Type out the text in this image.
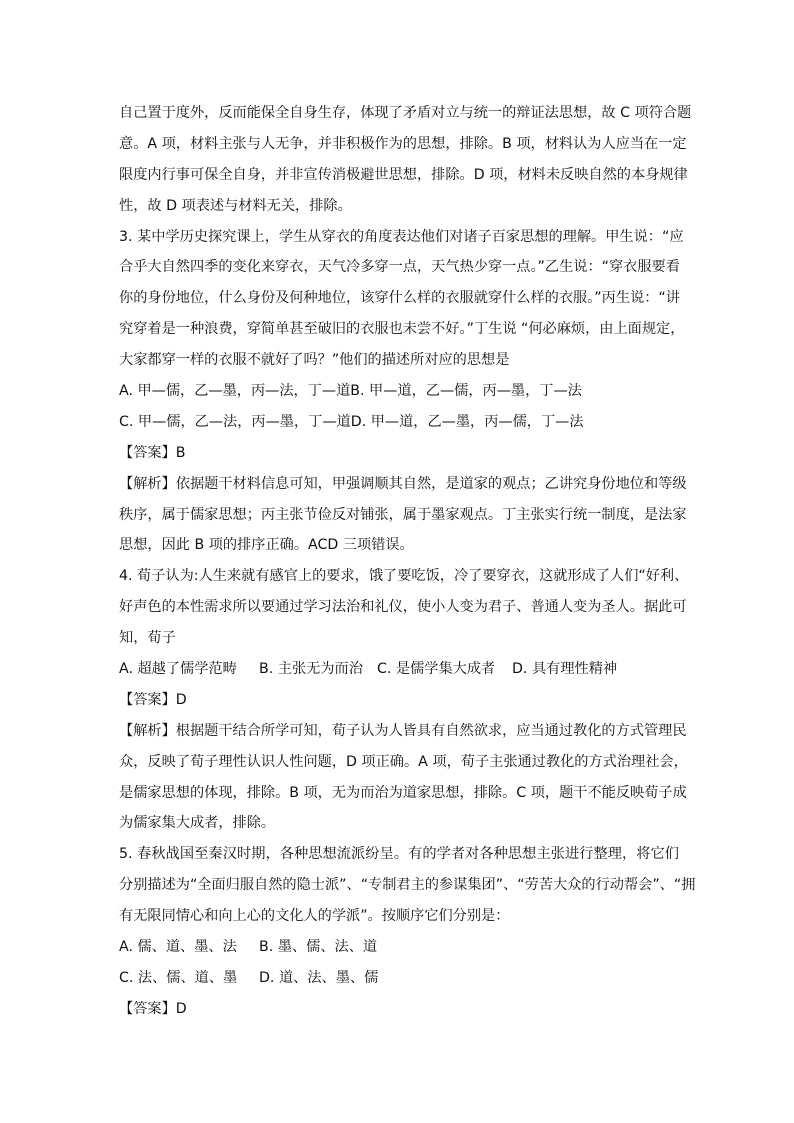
自己置于度外，反而能保全自身生存，体现了矛盾对立与统一的辩证法思想，故 C 项符合题
意。A 项，材料主张与人无争，并非积极作为的思想，排除。B 项，材料认为人应当在一定
限度内行事可保全自身，并非宣传消极避世思想，排除。D 项，材料未反映自然的本身规律
性，故 D 项表述与材料无关，排除。
3. 某中学历史探究课上，学生从穿衣的角度表达他们对诸子百家思想的理解。甲生说：“应
合乎大自然四季的变化来穿衣，天气冷多穿一点，天气热少穿一点。”乙生说：“穿衣服要看
你的身份地位，什么身份及何种地位，该穿什么样的衣服就穿什么样的衣服。”丙生说：“讲
究穿着是一种浪费，穿简单甚至破旧的衣服也未尝不好。”丁生说 “何必麻烦，由上面规定，
大家都穿一样的衣服不就好了吗？”他们的描述所对应的思想是
A. 甲—儒，乙—墨，丙—法，丁—道 B. 甲—道，乙—儒，丙—墨，丁—法
C. 甲—儒，乙—法，丙—墨，丁—道 D. 甲—道，乙—墨，丙—儒，丁—法
【答案】B
【解析】依据题干材料信息可知，甲强调顺其自然，是道家的观点；乙讲究身份地位和等级
秩序，属于儒家思想；丙主张节俭反对铺张，属于墨家观点。丁主张实行统一制度，是法家
思想，因此 B 项的排序正确。ACD 三项错误。
4. 荀子认为:人生来就有感官上的要求，饿了要吃饭，冷了要穿衣，这就形成了人们“好利、
好声色的本性需求所以要通过学习法治和礼仪，使小人变为君子、普通人变为圣人。据此可
知，荀子
A. 超越了儒学范畴	B. 主张无为而治 C. 是儒学集大成者	D. 具有理性精神
【答案】D
【解析】根据题干结合所学可知，荀子认为人皆具有自然欲求，应当通过教化的方式管理民
众，反映了荀子理性认识人性问题，D 项正确。A 项，荀子主张通过教化的方式治理社会，
是儒家思想的体现，排除。B 项，无为而治为道家思想，排除。C 项，题干不能反映荀子成
为儒家集大成者，排除。
5. 春秋战国至秦汉时期，各种思想流派纷呈。有的学者对各种思想主张进行整理，将它们
分别描述为“全面归服自然的隐士派”、“专制君主的参谋集团”、“劳苦大众的行动帮会”、“拥
有无限同情心和向上心的文化人的学派”。按顺序它们分别是：
A. 儒、道、墨、法	B. 墨、儒、法、道
C. 法、儒、道、墨	D. 道、法、墨、儒
【答案】D
